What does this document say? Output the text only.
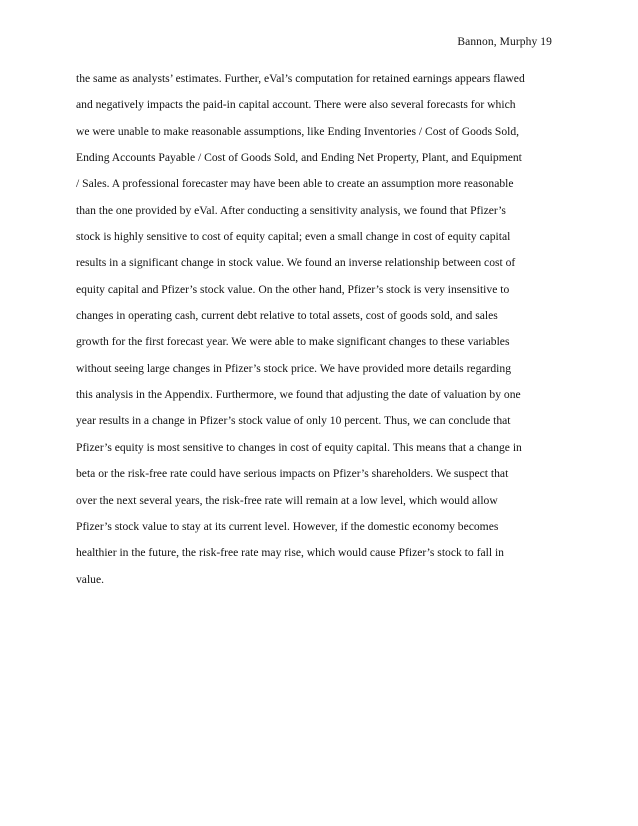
Bannon, Murphy 19
the same as analysts’ estimates. Further, eVal’s computation for retained earnings appears flawed
and negatively impacts the paid-in capital account. There were also several forecasts for which
we were unable to make reasonable assumptions, like Ending Inventories / Cost of Goods Sold,
Ending Accounts Payable / Cost of Goods Sold, and Ending Net Property, Plant, and Equipment
/ Sales. A professional forecaster may have been able to create an assumption more reasonable
than the one provided by eVal. After conducting a sensitivity analysis, we found that Pfizer’s
stock is highly sensitive to cost of equity capital; even a small change in cost of equity capital
results in a significant change in stock value. We found an inverse relationship between cost of
equity capital and Pfizer’s stock value. On the other hand, Pfizer’s stock is very insensitive to
changes in operating cash, current debt relative to total assets, cost of goods sold, and sales
growth for the first forecast year. We were able to make significant changes to these variables
without seeing large changes in Pfizer’s stock price. We have provided more details regarding
this analysis in the Appendix. Furthermore, we found that adjusting the date of valuation by one
year results in a change in Pfizer’s stock value of only 10 percent. Thus, we can conclude that
Pfizer’s equity is most sensitive to changes in cost of equity capital. This means that a change in
beta or the risk-free rate could have serious impacts on Pfizer’s shareholders. We suspect that
over the next several years, the risk-free rate will remain at a low level, which would allow
Pfizer’s stock value to stay at its current level. However, if the domestic economy becomes
healthier in the future, the risk-free rate may rise, which would cause Pfizer’s stock to fall in
value.
